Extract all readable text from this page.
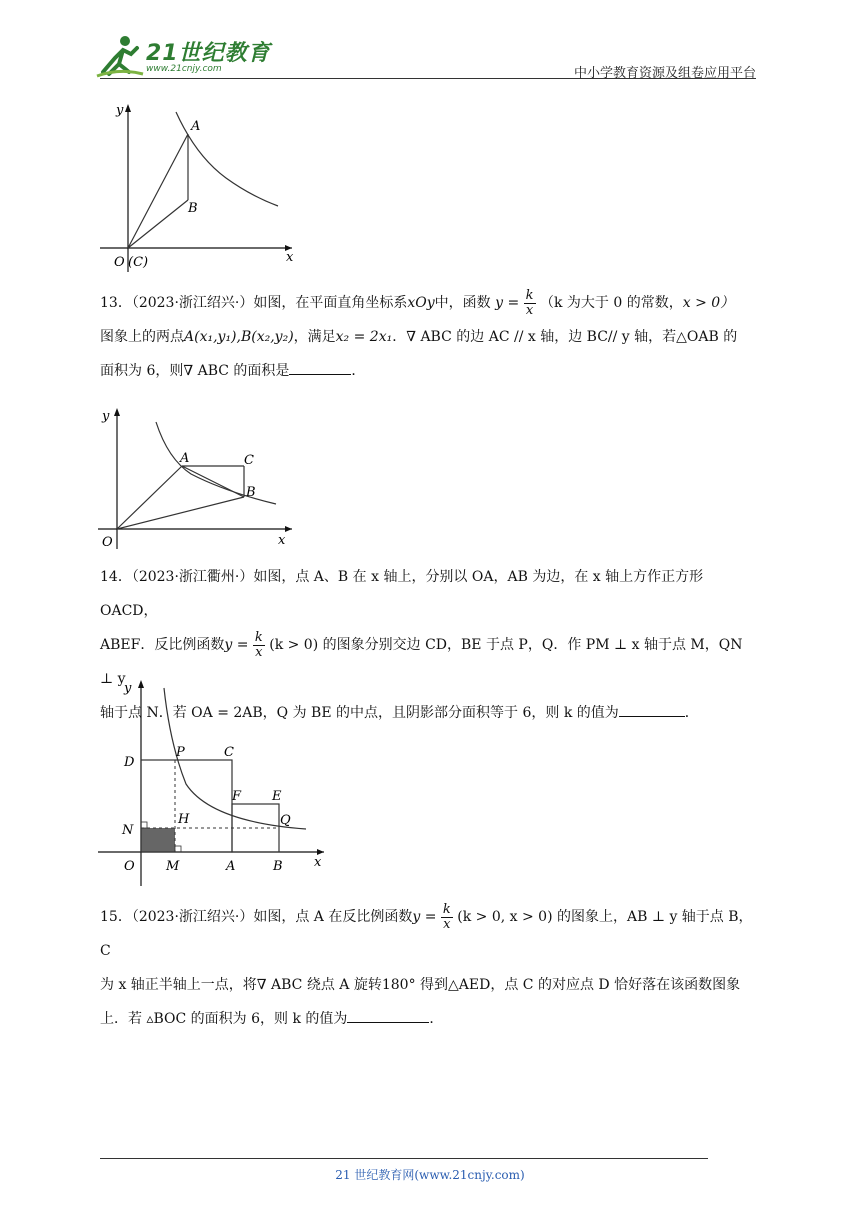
21世纪教育
www.21cnjy.com	中小学教育资源及组卷应用平台
y
x
A
B
O (C)
13．（2023·浙江绍兴·）如图，在平面直角坐标系xOy中，函数 $y = \frac{k}{x} (k$ 为大于 0 的常数，x > 0）
图象上的两点A(x₁,y₁),B(x₂,y₂)，满足x₂ = 2x₁．∇ ABC 的边 AC // x 轴，边 BC// y 轴，若△OAB 的
面积为 6，则∇ ABC 的面积是	．
y
x
A	C
B
O
14．（2023·浙江衢州·）如图，点 A、B 在 x 轴上，分别以 OA，AB 为边，在 x 轴上方作正方形 OACD，
ABEF．反比例函数$y = \frac{k}{x} (k > 0)$ 的图象分别交边 CD，BE 于点 P，Q．作 PM ⊥ x 轴于点 M，QN ⊥ y
轴于点 N．若 OA = 2AB，Q 为 BE 的中点，且阴影部分面积等于 6，则 k 的值为	．
y
x
D
P	C
F E
N
H	Q
O M	A	B
15．（2023·浙江绍兴·）如图，点 A 在反比例函数$y = \frac{k}{x} (k > 0$, x > 0) 的图象上，AB ⊥ y 轴于点 B，C
为 x 轴正半轴上一点，将∇ ABC 绕点 A 旋转180° 得到△AED，点 C 的对应点 D 恰好落在该函数图象
上．若 ▵BOC 的面积为 6，则 k 的值为	．
21 世纪教育网(www.21cnjy.com)
